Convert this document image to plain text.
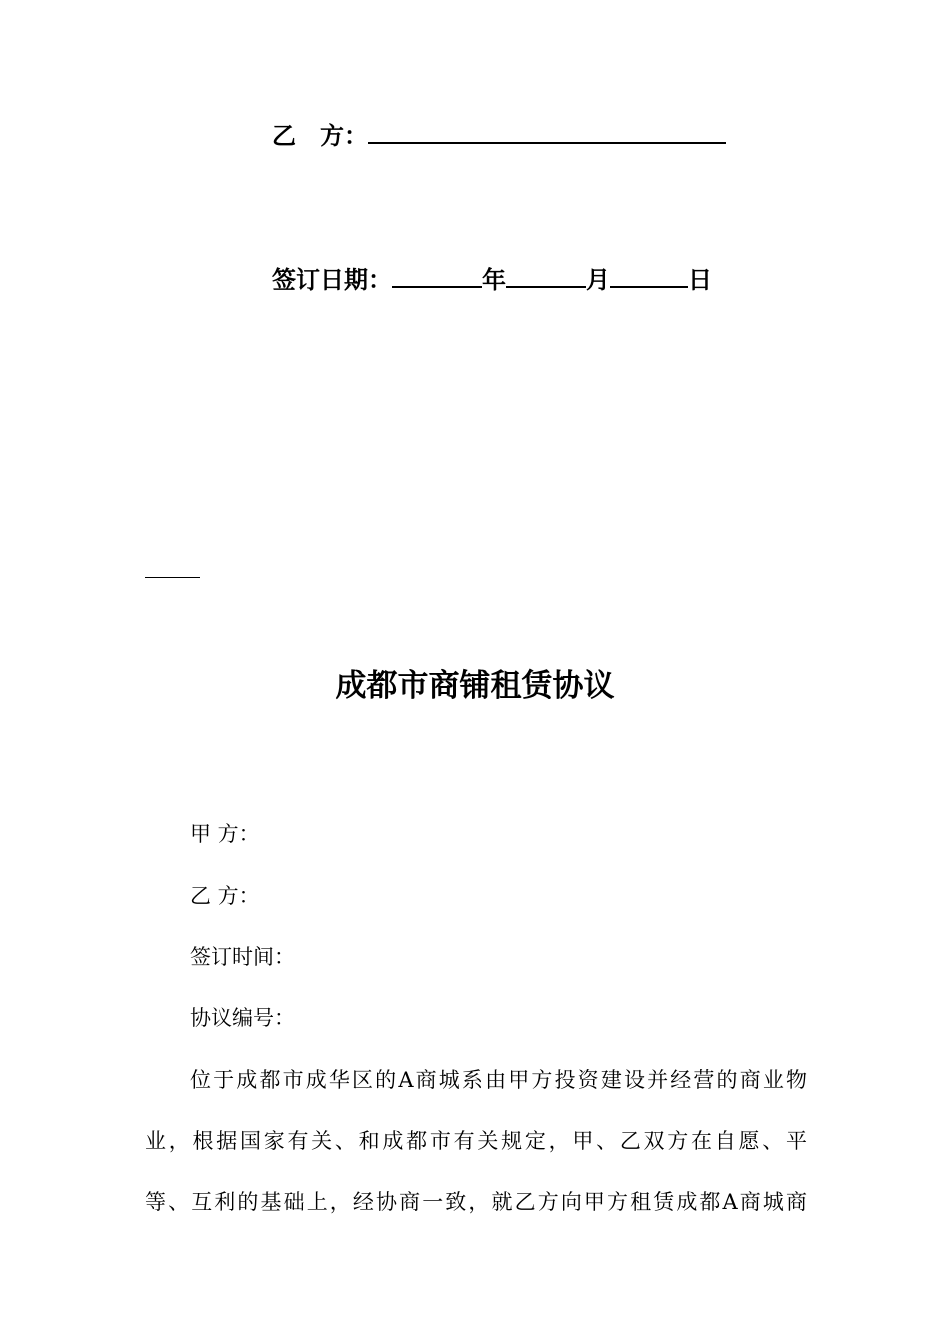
乙 方：
签订日期：	年	月	日
成都市商铺租赁协议
甲 方：
乙 方：
签订时间：
协议编号：
位于成都市成华区的A商城系由甲方投资建设并经营的商业物
业，根据国家有关、和成都市有关规定，甲、乙双方在自愿、平
等、互利的基础上，经协商一致，就乙方向甲方租赁成都A商城商
